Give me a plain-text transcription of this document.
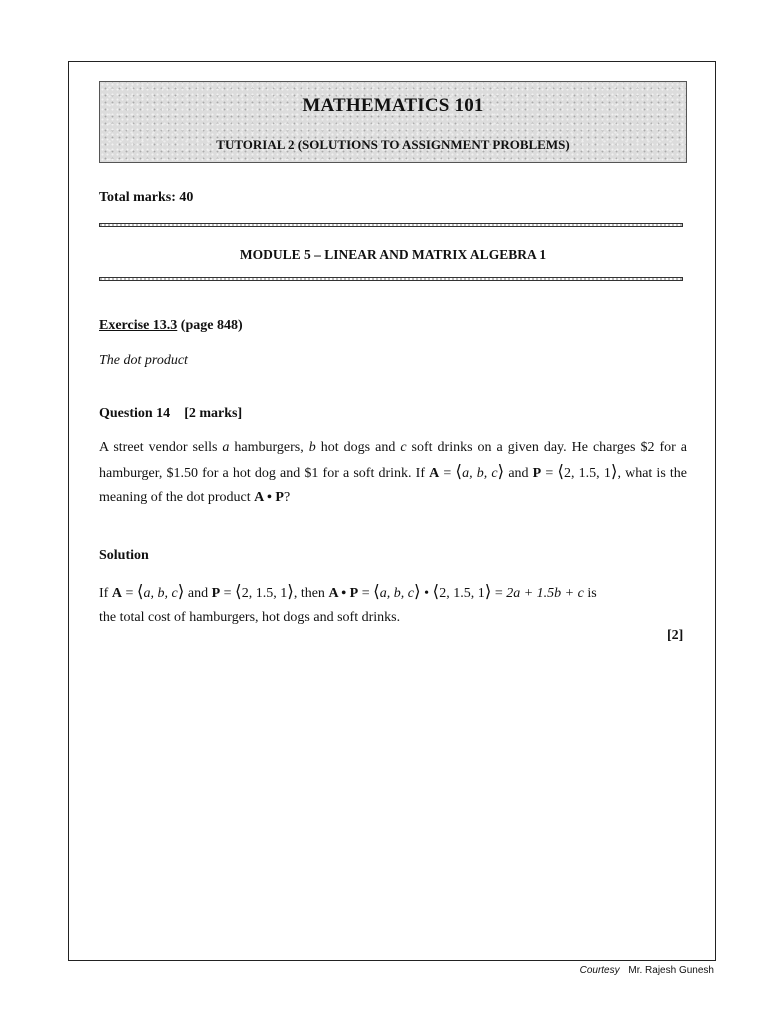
MATHEMATICS 101
TUTORIAL 2 (SOLUTIONS TO ASSIGNMENT PROBLEMS)
Total marks: 40
MODULE 5 – LINEAR AND MATRIX ALGEBRA 1
Exercise 13.3 (page 848)
The dot product
Question 14 [2 marks]
A street vendor sells a hamburgers, b hot dogs and c soft drinks on a given day. He charges $2 for a hamburger, $1.50 for a hot dog and $1 for a soft drink. If A = ⟨a, b, c⟩ and P = ⟨2, 1.5, 1⟩, what is the meaning of the dot product A • P?
Solution
If A = ⟨a, b, c⟩ and P = ⟨2, 1.5, 1⟩, then A • P = ⟨a, b, c⟩ • ⟨2, 1.5, 1⟩ = 2a + 1.5b + c is
the total cost of hamburgers, hot dogs and soft drinks.
[2]
Courtesy Mr. Rajesh Gunesh
